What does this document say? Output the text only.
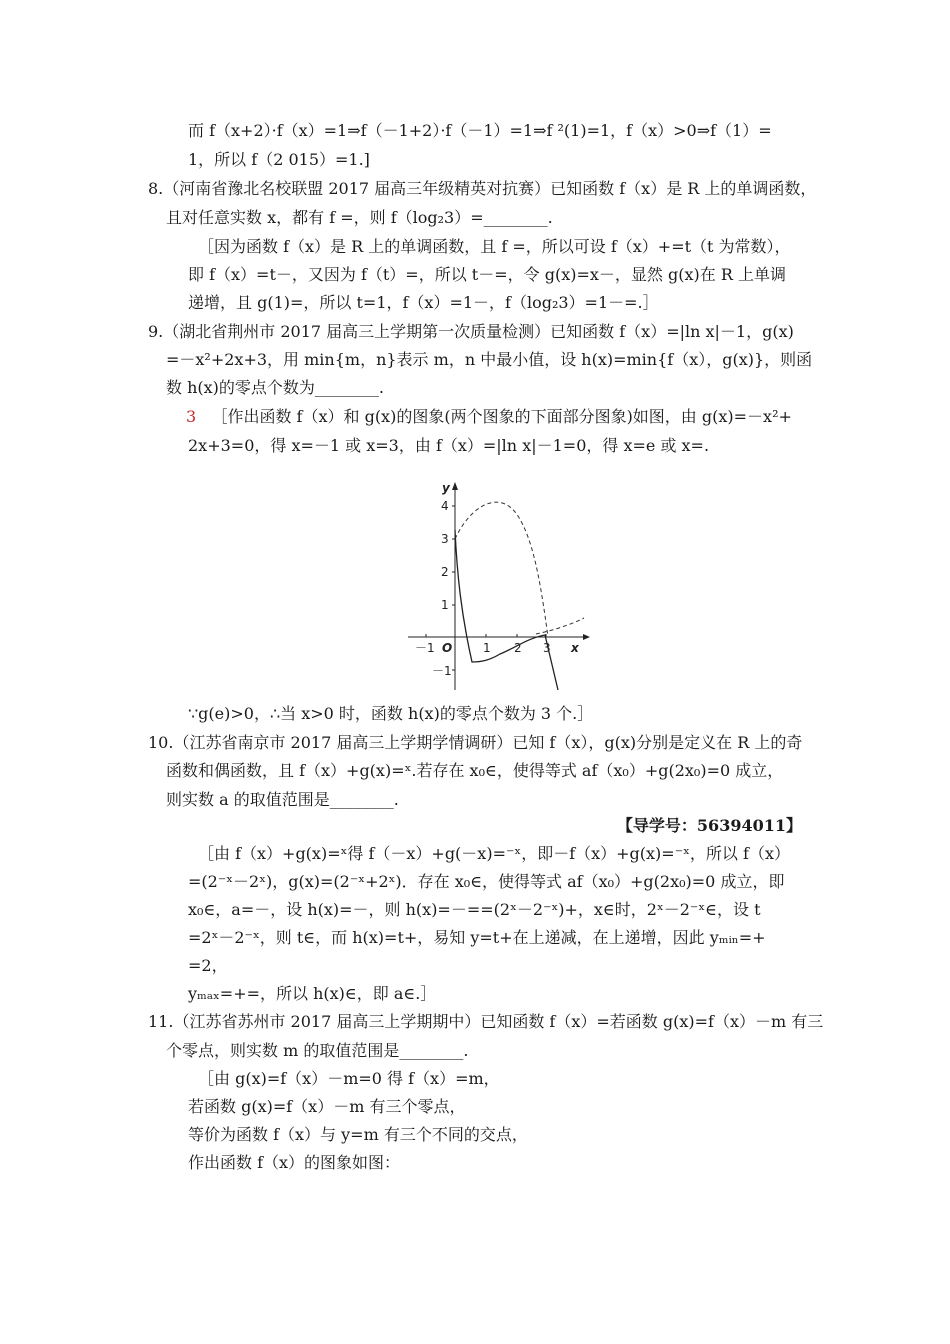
而 f（x+2）·f（x）=1⇒f（－1+2）·f（－1）=1⇒f ²(1)=1，f（x）>0⇒f（1）=
1，所以 f（2 015）=1.]
8.（河南省豫北名校联盟 2017 届高三年级精英对抗赛）已知函数 f（x）是 R 上的单调函数，
且对任意实数 x，都有 f =，则 f（log₂3）=________.
［因为函数 f（x）是 R 上的单调函数，且 f =，所以可设 f（x）+=t（t 为常数），
即 f（x）=t－，又因为 f（t）=，所以 t－=，令 g(x)=x－，显然 g(x)在 R 上单调
递增，且 g(1)=，所以 t=1，f（x）=1－，f（log₂3）=1－=.］
9.（湖北省荆州市 2017 届高三上学期第一次质量检测）已知函数 f（x）=|ln x|－1，g(x)
=－x²+2x+3，用 min{m，n}表示 m，n 中最小值，设 h(x)=min{f（x），g(x)}，则函
数 h(x)的零点个数为________.
3 ［作出函数 f（x）和 g(x)的图象(两个图象的下面部分图象)如图，由 g(x)=－x²+
2x+3=0，得 x=－1 或 x=3，由 f（x）=|ln x|－1=0，得 x=e 或 x=.
y
x
O
4
3
2
1
－1
－1	1 2 3
∵g(e)>0，∴当 x>0 时，函数 h(x)的零点个数为 3 个.］
10.（江苏省南京市 2017 届高三上学期学情调研）已知 f（x），g(x)分别是定义在 R 上的奇
函数和偶函数，且 f（x）+g(x)=ˣ.若存在 x₀∈，使得等式 af（x₀）+g(2x₀)=0 成立，
则实数 a 的取值范围是________.
【导学号：56394011】
［由 f（x）+g(x)=ˣ得 f（－x）+g(－x)=⁻ˣ，即－f（x）+g(x)=⁻ˣ，所以 f（x）
=(2⁻ˣ－2ˣ)，g(x)=(2⁻ˣ+2ˣ)．存在 x₀∈，使得等式 af（x₀）+g(2x₀)=0 成立，即
x₀∈，a=－，设 h(x)=－，则 h(x)=－==(2ˣ－2⁻ˣ)+，x∈时，2ˣ－2⁻ˣ∈，设 t
=2ˣ－2⁻ˣ，则 t∈，而 h(x)=t+，易知 y=t+在上递减，在上递增，因此 yₘᵢₙ=+
=2，
yₘₐₓ=+=，所以 h(x)∈，即 a∈.］
11.（江苏省苏州市 2017 届高三上学期期中）已知函数 f（x）=若函数 g(x)=f（x）－m 有三
个零点，则实数 m 的取值范围是________.
［由 g(x)=f（x）－m=0 得 f（x）=m，
若函数 g(x)=f（x）－m 有三个零点，
等价为函数 f（x）与 y=m 有三个不同的交点，
作出函数 f（x）的图象如图：
